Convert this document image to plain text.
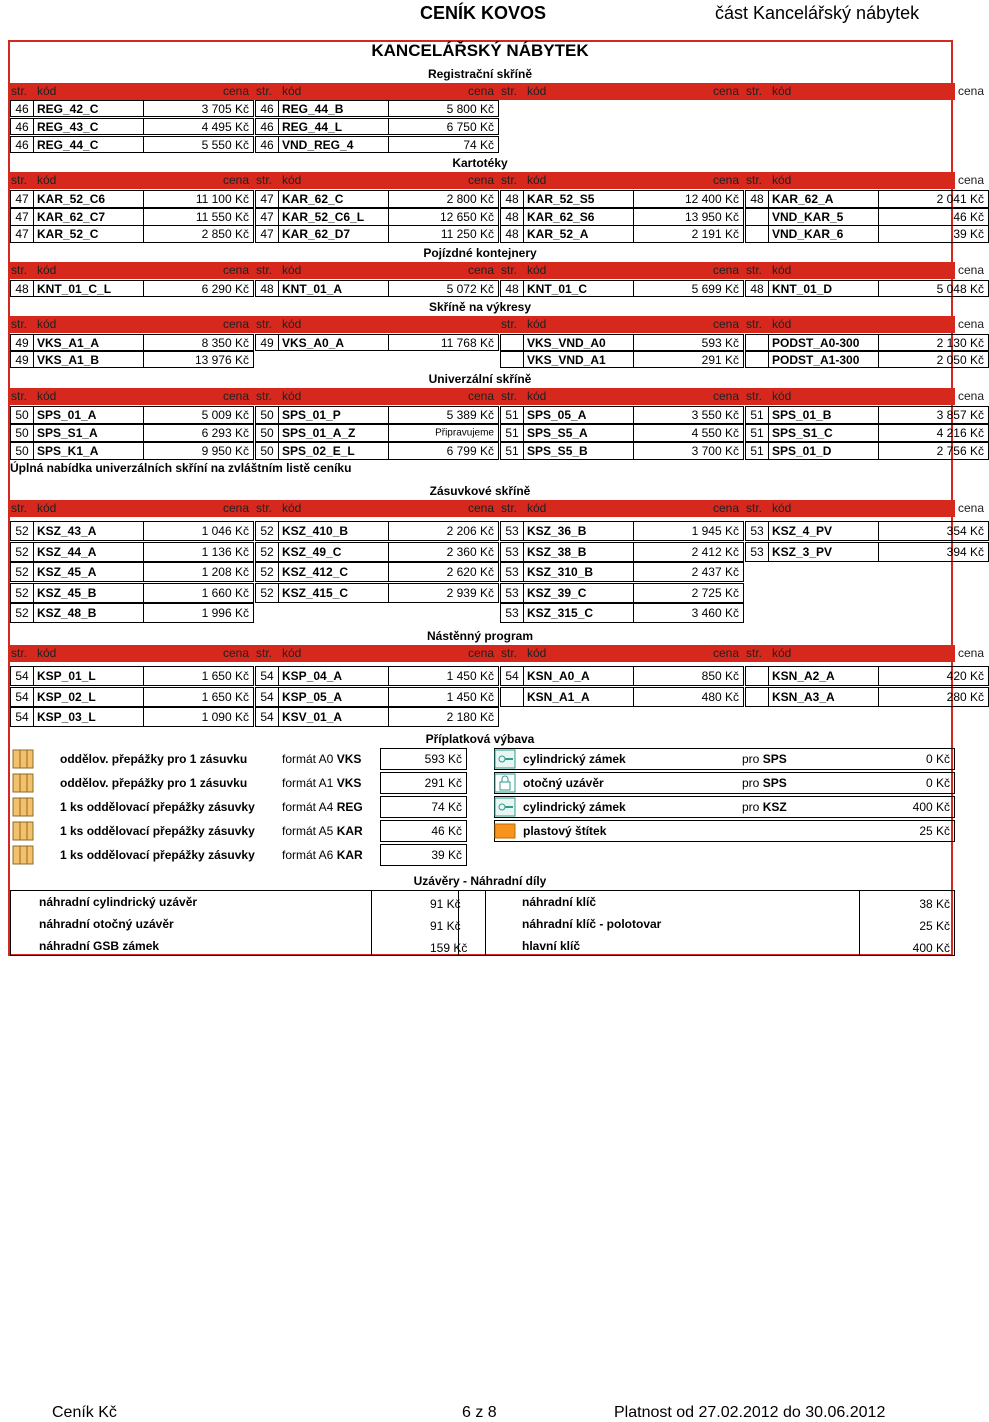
CENÍK KOVOS	část Kancelářský nábytek
KANCELÁŘSKÝ NÁBYTEK
Registrační skříně
str. kód	cena str. kód	cena str. kód	cena str. kód	cena
46 REG_42_C	3 705 Kč 46 REG_44_B	5 800 Kč
46 REG_43_C	4 495 Kč 46 REG_44_L	6 750 Kč
46 REG_44_C	5 550 Kč 46 VND_REG_4	74 Kč
Kartotéky
str. kód	cena str. kód	cena str. kód	cena str. kód	cena
47 KAR_52_C6	11 100 Kč 47 KAR_62_C	2 800 Kč 48 KAR_52_S5	12 400 Kč 48 KAR_62_A	2 041 Kč
47 KAR_62_C7	11 550 Kč 47 KAR_52_C6_L	12 650 Kč 48 KAR_62_S6	13 950 Kč	VND_KAR_5	46 Kč
47 KAR_52_C	2 850 Kč 47 KAR_62_D7	11 250 Kč 48 KAR_52_A	2 191 Kč	VND_KAR_6	39 Kč
Pojízdné kontejnery
str. kód	cena str. kód	cena str. kód	cena str. kód	cena
48 KNT_01_C_L	6 290 Kč 48 KNT_01_A	5 072 Kč 48 KNT_01_C	5 699 Kč 48 KNT_01_D	5 048 Kč
Skříně na výkresy
str. kód	cena str. kód	str. kód	cena str. kód	cena
49 VKS_A1_A	8 350 Kč 49 VKS_A0_A	11 768 Kč	VKS_VND_A0	593 Kč	PODST_A0-300	2 130 Kč
49 VKS_A1_B	13 976 Kč	VKS_VND_A1	291 Kč	PODST_A1-300	2 050 Kč
Univerzální skříně
str. kód	cena str. kód	cena str. kód	cena str. kód	cena
50 SPS_01_A	5 009 Kč 50 SPS_01_P	5 389 Kč 51 SPS_05_A	3 550 Kč 51 SPS_01_B	3 857 Kč
50 SPS_S1_A	6 293 Kč 50 SPS_01_A_Z	Připravujeme 51 SPS_S5_A	4 550 Kč 51 SPS_S1_C	4 216 Kč
50 SPS_K1_A	9 950 Kč 50 SPS_02_E_L	6 799 Kč 51 SPS_S5_B	3 700 Kč 51 SPS_01_D	2 756 Kč
Zásuvkové skříně
str. kód	cena str. kód	cena str. kód	cena str. kód	cena
52 KSZ_43_A	1 046 Kč 52 KSZ_410_B	2 206 Kč 53 KSZ_36_B	1 945 Kč 53 KSZ_4_PV	354 Kč
52 KSZ_44_A	1 136 Kč 52 KSZ_49_C	2 360 Kč 53 KSZ_38_B	2 412 Kč 53 KSZ_3_PV	394 Kč
52 KSZ_45_A	1 208 Kč 52 KSZ_412_C	2 620 Kč 53 KSZ_310_B	2 437 Kč
52 KSZ_45_B	1 660 Kč 52 KSZ_415_C	2 939 Kč 53 KSZ_39_C	2 725 Kč
52 KSZ_48_B	1 996 Kč	53 KSZ_315_C	3 460 Kč
Nástěnný program
str. kód	cena str. kód	cena str. kód	cena str. kód	cena
54 KSP_01_L	1 650 Kč 54 KSP_04_A	1 450 Kč 54 KSN_A0_A	850 Kč	KSN_A2_A	420 Kč
54 KSP_02_L	1 650 Kč 54 KSP_05_A	1 450 Kč	KSN_A1_A	480 Kč	KSN_A3_A	280 Kč
54 KSP_03_L	1 090 Kč 54 KSV_01_A	2 180 Kč
Úplná nabídka univerzálních skříní na zvláštním listě ceníku
Příplatková výbava
oddělov. přepážky pro 1 zásuvku	formát A0 VKS	593 Kč
oddělov. přepážky pro 1 zásuvku	formát A1 VKS	291 Kč
1 ks oddělovací přepážky zásuvky formát A4 REG	74 Kč
1 ks oddělovací přepážky zásuvky formát A5 KAR	46 Kč
1 ks oddělovací přepážky zásuvky formát A6 KAR	39 Kč
cylindrický zámek	pro SPS	0 Kč
otočný uzávěr	pro SPS	0 Kč
cylindrický zámek	pro KSZ	400 Kč
plastový štítek	25 Kč
Uzávěry - Náhradní díly
náhradní cylindrický uzávěr	91 Kč
náhradní otočný uzávěr	91 Kč
náhradní GSB zámek	159 Kč
náhradní klíč	38 Kč
náhradní klíč - polotovar	25 Kč
hlavní klíč	400 Kč
Ceník Kč	6 z 8	Platnost od 27.02.2012 do 30.06.2012
